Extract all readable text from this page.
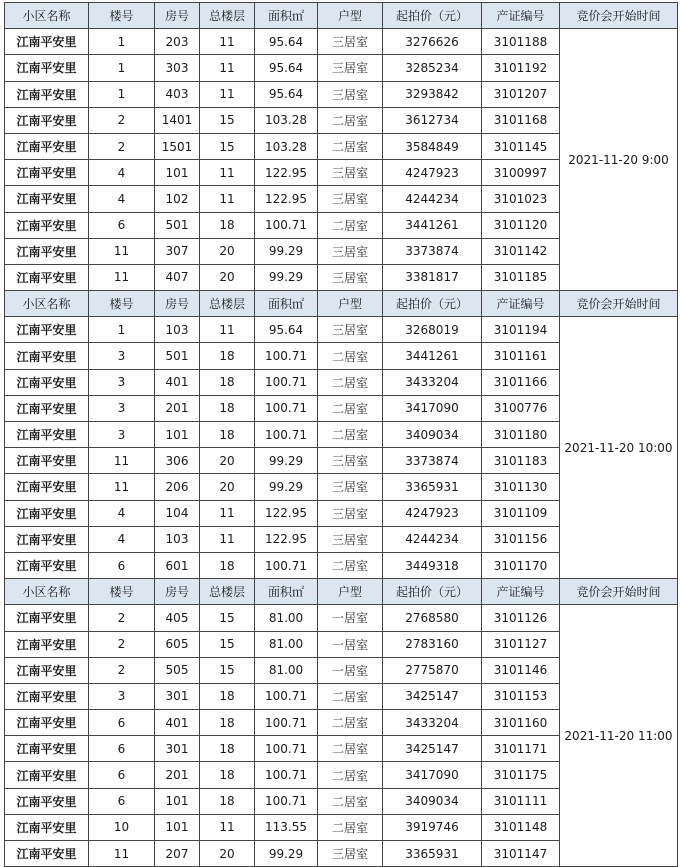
小区名称	楼号	房号	总楼层	面积㎡	户型	起拍价（元）	产证编号	竞价会开始时间
江南平安里	1	203	11	95.64	三居室	3276626	3101188	2021-11-20 9:00
江南平安里	1	303	11	95.64	三居室	3285234	3101192	
江南平安里	1	403	11	95.64	三居室	3293842	3101207	
江南平安里	2	1401	15	103.28	二居室	3612734	3101168	
江南平安里	2	1501	15	103.28	二居室	3584849	3101145	
江南平安里	4	101	11	122.95	三居室	4247923	3100997	
江南平安里	4	102	11	122.95	三居室	4244234	3101023	
江南平安里	6	501	18	100.71	二居室	3441261	3101120	
江南平安里	11	307	20	99.29	三居室	3373874	3101142	
江南平安里	11	407	20	99.29	三居室	3381817	3101185	
小区名称	楼号	房号	总楼层	面积㎡	户型	起拍价（元）	产证编号	竞价会开始时间
江南平安里	1	103	11	95.64	三居室	3268019	3101194	2021-11-20 10:00
江南平安里	3	501	18	100.71	二居室	3441261	3101161	
江南平安里	3	401	18	100.71	二居室	3433204	3101166	
江南平安里	3	201	18	100.71	二居室	3417090	3100776	
江南平安里	3	101	18	100.71	二居室	3409034	3101180	
江南平安里	11	306	20	99.29	三居室	3373874	3101183	
江南平安里	11	206	20	99.29	三居室	3365931	3101130	
江南平安里	4	104	11	122.95	三居室	4247923	3101109	
江南平安里	4	103	11	122.95	三居室	4244234	3101156	
江南平安里	6	601	18	100.71	二居室	3449318	3101170	
小区名称	楼号	房号	总楼层	面积㎡	户型	起拍价（元）	产证编号	竞价会开始时间
江南平安里	2	405	15	81.00	一居室	2768580	3101126	2021-11-20 11:00
江南平安里	2	605	15	81.00	一居室	2783160	3101127	
江南平安里	2	505	15	81.00	一居室	2775870	3101146	
江南平安里	3	301	18	100.71	二居室	3425147	3101153	
江南平安里	6	401	18	100.71	二居室	3433204	3101160	
江南平安里	6	301	18	100.71	二居室	3425147	3101171	
江南平安里	6	201	18	100.71	二居室	3417090	3101175	
江南平安里	6	101	18	100.71	二居室	3409034	3101111	
江南平安里	10	101	11	113.55	二居室	3919746	3101148	
江南平安里	11	207	20	99.29	三居室	3365931	3101147	
